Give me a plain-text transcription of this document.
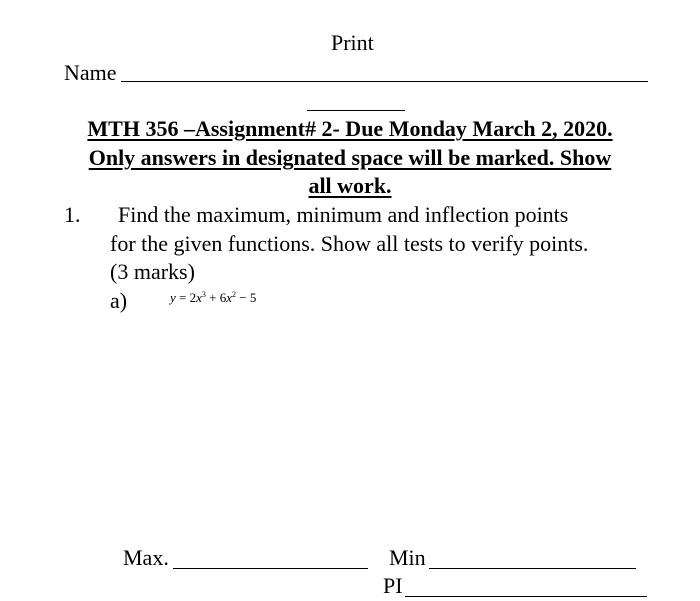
Print
Name
MTH 356 –Assignment# 2- Due Monday March 2, 2020.
Only answers in designated space will be marked. Show
all work.
1. Find the maximum, minimum and inflection points
for the given functions. Show all tests to verify points.
(3 marks)
a)	$y = 2x^3 + 6x^2 - 5$
Max.	Min
PI
